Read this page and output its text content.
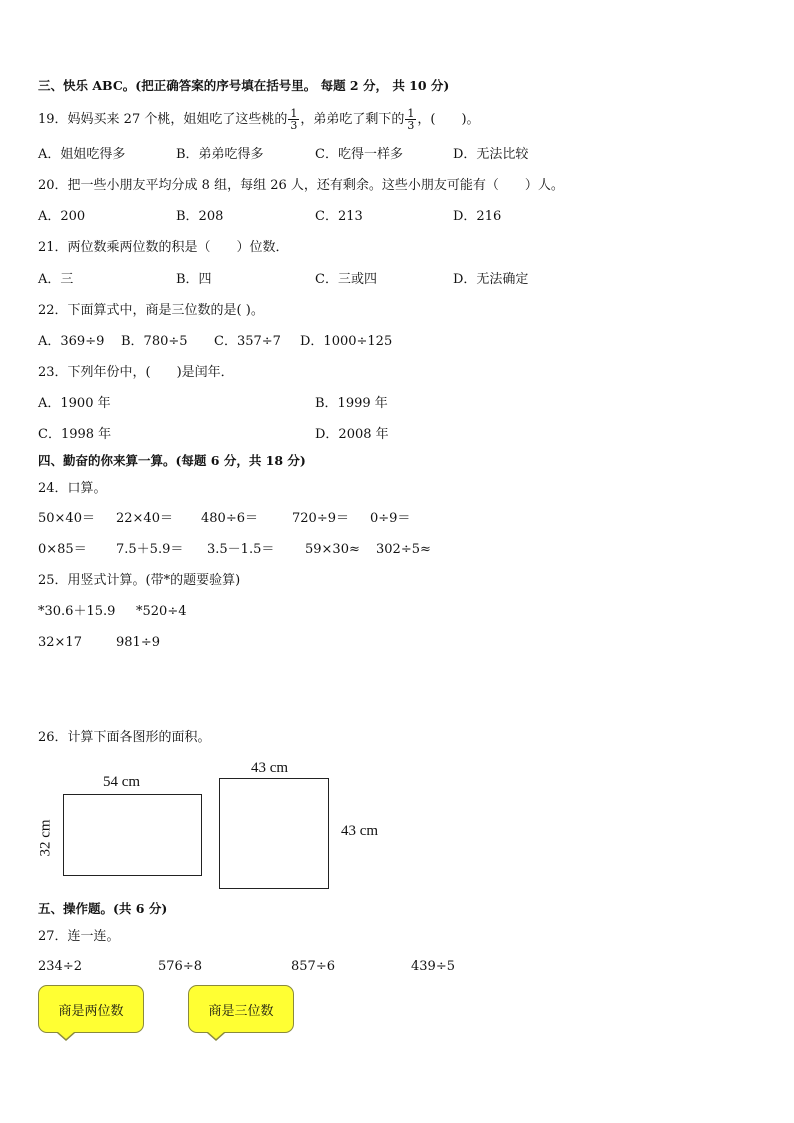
三、快乐 ABC。(把正确答案的序号填在括号里。 每题 2 分， 共 10 分)
19．妈妈买来 27 个桃，姐姐吃了这些桃的 $\frac{1}{3}$ ，弟弟吃了剩下的 $\frac{1}{3}$ ，(　　)。
A．姐姐吃得多	B．弟弟吃得多	C．吃得一样多	D．无法比较
20．把一些小朋友平均分成 8 组，每组 26 人，还有剩余。这些小朋友可能有（　　）人。
A．200	B．208	C．213	D．216
21．两位数乘两位数的积是（　　）位数．
A．三	B．四	C．三或四	D．无法确定
22．下面算式中，商是三位数的是( )。
A．369÷9 B．780÷5 C．357÷7 D．1000÷125
23．下列年份中，(　　)是闰年．
A．1900 年	B．1999 年
C．1998 年	D．2008 年
四、勤奋的你来算一算。(每题 6 分，共 18 分)
24．口算。
50×40＝ 22×40＝ 480÷6＝	720÷9＝ 0÷9＝
0×85＝ 7.5＋5.9＝ 3.5－1.5＝ 59×30≈ 302÷5≈
25．用竖式计算。(带*的题要验算)
*30.6＋15.9 *520÷4
32×17	981÷9
26．计算下面各图形的面积。
54 cm
32 cm
43 cm
43 cm
五、操作题。(共 6 分)
27．连一连。
234÷2	576÷8	857÷6	439÷5
商是两位数	商是三位数
